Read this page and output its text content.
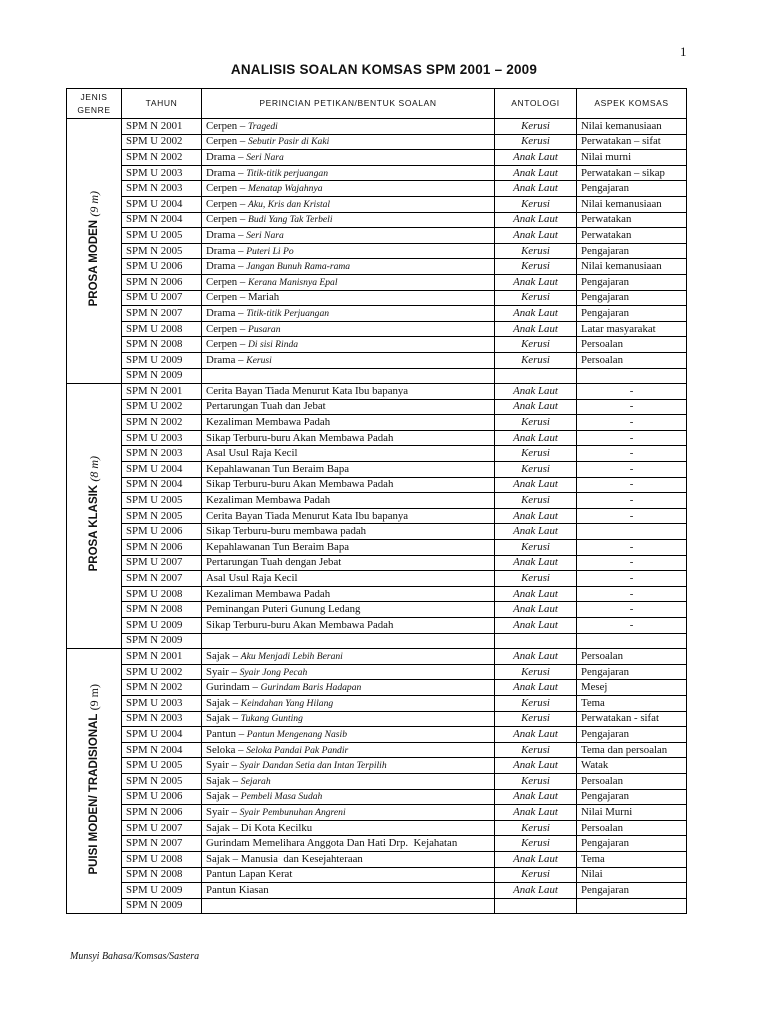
1
ANALISIS SOALAN KOMSAS SPM 2001 – 2009
JENIS
GENRE	TAHUN	PERINCIAN PETIKAN/BENTUK SOALAN	ANTOLOGI	ASPEK KOMSAS
PROSA MODEN (9 m)	SPM N 2001	Cerpen – Tragedi	Kerusi	Nilai kemanusiaan
	SPM U 2002	Cerpen – Sebutir Pasir di Kaki	Kerusi	Perwatakan – sifat
	SPM N 2002	Drama – Seri Nara	Anak Laut	Nilai murni
	SPM U 2003	Drama – Titik-titik perjuangan	Anak Laut	Perwatakan – sikap
	SPM N 2003	Cerpen – Menatap Wajahnya	Anak Laut	Pengajaran
	SPM U 2004	Cerpen – Aku, Kris dan Kristal	Kerusi	Nilai kemanusiaan
	SPM N 2004	Cerpen – Budi Yang Tak Terbeli	Anak Laut	Perwatakan
	SPM U 2005	Drama – Seri Nara	Anak Laut	Perwatakan
	SPM N 2005	Drama – Puteri Li Po	Kerusi	Pengajaran
	SPM U 2006	Drama – Jangan Bunuh Rama-rama	Kerusi	Nilai kemanusiaan
	SPM N 2006	Cerpen – Kerana Manisnya Epal	Anak Laut	Pengajaran
	SPM U 2007	Cerpen – Mariah	Kerusi	Pengajaran
	SPM N 2007	Drama – Titik-titik Perjuangan	Anak Laut	Pengajaran
	SPM U 2008	Cerpen – Pusaran	Anak Laut	Latar masyarakat
	SPM N 2008	Cerpen – Di sisi Rinda	Kerusi	Persoalan
	SPM U 2009	Drama – Kerusi	Kerusi	Persoalan
	SPM N 2009			
PROSA KLASIK (8 m)	SPM N 2001	Cerita Bayan Tiada Menurut Kata Ibu bapanya	Anak Laut	-
	SPM U 2002	Pertarungan Tuah dan Jebat	Anak Laut	-
	SPM N 2002	Kezaliman Membawa Padah	Kerusi	-
	SPM U 2003	Sikap Terburu-buru Akan Membawa Padah	Anak Laut	-
	SPM N 2003	Asal Usul Raja Kecil	Kerusi	-
	SPM U 2004	Kepahlawanan Tun Beraim Bapa	Kerusi	-
	SPM N 2004	Sikap Terburu-buru Akan Membawa Padah	Anak Laut	-
	SPM U 2005	Kezaliman Membawa Padah	Kerusi	-
	SPM N 2005	Cerita Bayan Tiada Menurut Kata Ibu bapanya	Anak Laut	-
	SPM U 2006	Sikap Terburu-buru membawa padah	Anak Laut	
	SPM N 2006	Kepahlawanan Tun Beraim Bapa	Kerusi	-
	SPM U 2007	Pertarungan Tuah dengan Jebat	Anak Laut	-
	SPM N 2007	Asal Usul Raja Kecil	Kerusi	-
	SPM U 2008	Kezaliman Membawa Padah	Anak Laut	-
	SPM N 2008	Peminangan Puteri Gunung Ledang	Anak Laut	-
	SPM U 2009	Sikap Terburu-buru Akan Membawa Padah	Anak Laut	-
	SPM N 2009			
PUISI MODEN/ TRADISIONAL (9 m)	SPM N 2001	Sajak – Aku Menjadi Lebih Berani	Anak Laut	Persoalan
	SPM U 2002	Syair – Syair Jong Pecah	Kerusi	Pengajaran
	SPM N 2002	Gurindam – Gurindam Baris Hadapan	Anak Laut	Mesej
	SPM U 2003	Sajak – Keindahan Yang Hilang	Kerusi	Tema
	SPM N 2003	Sajak – Tukang Gunting	Kerusi	Perwatakan - sifat
	SPM U 2004	Pantun – Pantun Mengenang Nasib	Anak Laut	Pengajaran
	SPM N 2004	Seloka – Seloka Pandai Pak Pandir	Kerusi	Tema dan persoalan
	SPM U 2005	Syair – Syair Dandan Setia dan Intan Terpilih	Anak Laut	Watak
	SPM N 2005	Sajak – Sejarah	Kerusi	Persoalan
	SPM U 2006	Sajak – Pembeli Masa Sudah	Anak Laut	Pengajaran
	SPM N 2006	Syair – Syair Pembunuhan Angreni	Anak Laut	Nilai Murni
	SPM U 2007	Sajak – Di Kota Kecilku	Kerusi	Persoalan
	SPM N 2007	Gurindam Memelihara Anggota Dan Hati Drp.  Kejahatan	Kerusi	Pengajaran
	SPM U 2008	Sajak – Manusia  dan Kesejahteraan	Anak Laut	Tema
	SPM N 2008	Pantun Lapan Kerat	Kerusi	Nilai
	SPM U 2009	Pantun Kiasan	Anak Laut	Pengajaran
	SPM N 2009			
Munsyi Bahasa/Komsas/Sastera
